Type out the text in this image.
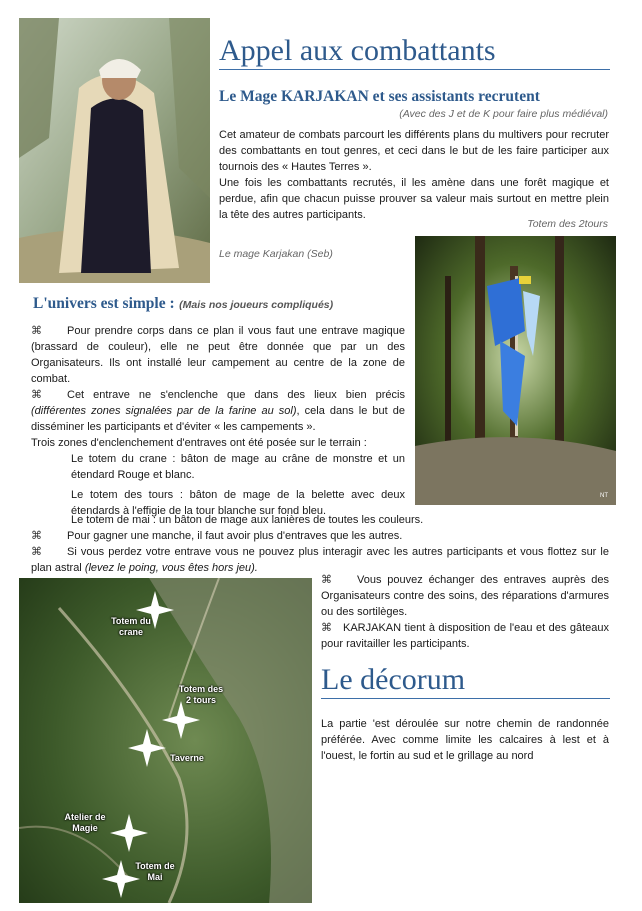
Appel aux combattants
Le Mage KARJAKAN et ses assistants recrutent
(Avec des J et de K pour faire plus médiéval)

Cet amateur de combats parcourt les différents plans du multivers pour recruter des combattants en tout genres, et ceci dans le but de les faire participer aux tournois des « Hautes Terres ».

Une fois les combattants recrutés, il les amène dans une forêt magique et perdue, afin que chacun puisse prouver sa valeur mais surtout en mettre plein la tête des autres participants.

Totem des 2tours
Le mage Karjakan (Seb)
NT
L'univers est simple : (Mais nos joueurs compliqués)

⌘ Pour prendre corps dans ce plan il vous faut une entrave magique (brassard de couleur), elle ne peut être donnée que par un des Organisateurs. Ils ont installé leur campement au centre de la zone de combat.

⌘ Cet entrave ne s'enclenche que dans des lieux bien précis (différentes zones signalées par de la farine au sol), cela dans le but de disséminer les participants et d'éviter « les campements ».

Trois zones d'enclenchement d'entraves ont été posée sur le terrain :

Le totem du crane : bâton de mage au crâne de monstre et un étendard Rouge et blanc.

Le totem des tours : bâton de mage de la belette avec deux étendards à l'effigie de la tour blanche sur fond bleu.

Le totem de mai : un bâton de mage aux lanières de toutes les couleurs.

⌘ Pour gagner une manche, il faut avoir plus d'entraves que les autres.

⌘ Si vous perdez votre entrave vous ne pouvez plus interagir avec les autres participants et vous flottez sur le plan astral (levez le poing, vous êtes hors jeu).

Totem du
crane
Totem des
2 tours
Taverne
Atelier de
Magie
Totem de
Mai

⌘ Vous pouvez échanger des entraves auprès des Organisateurs contre des soins, des réparations d'armures ou des sortilèges.

⌘ KARJAKAN tient à disposition de l'eau et des gâteaux pour ravitailler les participants.

Le décorum
La partie 'est déroulée sur notre chemin de randonnée préférée. Avec comme limite les calcaires à lest et à l'ouest, le fortin au sud et le grillage au nord
